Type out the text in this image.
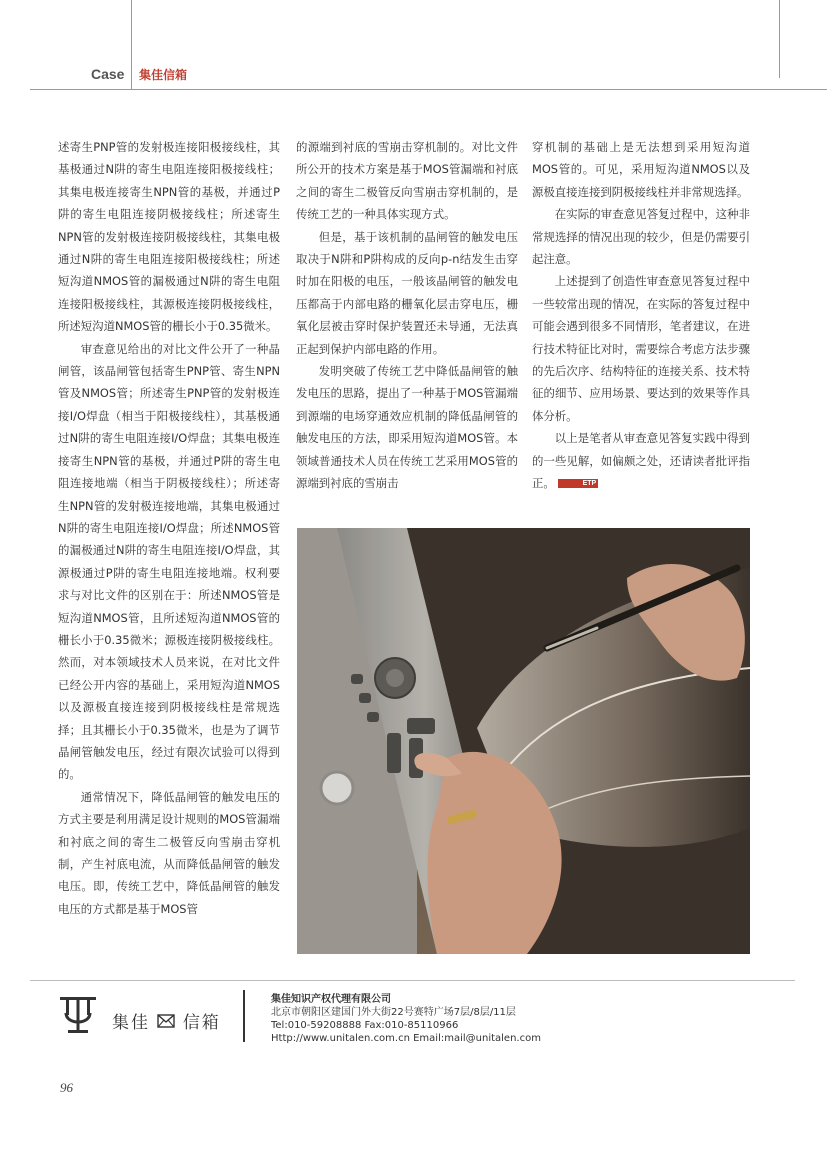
Case 集佳信箱

述寄生PNP管的发射极连接阳极接线柱，其基极通过N阱的寄生电阻连接阳极接线柱；其集电极连接寄生NPN管的基极，并通过P阱的寄生电阻连接阴极接线柱；所述寄生NPN管的发射极连接阴极接线柱，其集电极通过N阱的寄生电阻连接阳极接线柱；所述短沟道NMOS管的漏极通过N阱的寄生电阻连接阳极接线柱，其源极连接阴极接线柱，所述短沟道NMOS管的栅长小于0.35微米。

审查意见给出的对比文件公开了一种晶闸管，该晶闸管包括寄生PNP管、寄生NPN管及NMOS管；所述寄生PNP管的发射极连接I/O焊盘（相当于阳极接线柱），其基极通过N阱的寄生电阻连接I/O焊盘；其集电极连接寄生NPN管的基极，并通过P阱的寄生电阻连接地端（相当于阴极接线柱）；所述寄生NPN管的发射极连接地端，其集电极通过N阱的寄生电阻连接I/O焊盘；所述NMOS管的漏极通过N阱的寄生电阻连接I/O焊盘，其源极通过P阱的寄生电阻连接地端。权利要求与对比文件的区别在于：所述NMOS管是短沟道NMOS管，且所述短沟道NMOS管的栅长小于0.35微米；源极连接阴极接线柱。然而，对本领域技术人员来说，在对比文件已经公开内容的基础上，采用短沟道NMOS以及源极直接连接到阴极接线柱是常规选择；且其栅长小于0.35微米，也是为了调节晶闸管触发电压，经过有限次试验可以得到的。

通常情况下，降低晶闸管的触发电压的方式主要是利用满足设计规则的MOS管漏端和衬底之间的寄生二极管反向雪崩击穿机制，产生衬底电流，从而降低晶闸管的触发电压。即，传统工艺中，降低晶闸管的触发电压的方式都是基于MOS管

的源端到衬底的雪崩击穿机制的。对比文件所公开的技术方案是基于MOS管漏端和衬底之间的寄生二极管反向雪崩击穿机制的，是传统工艺的一种具体实现方式。

但是，基于该机制的晶闸管的触发电压取决于N阱和P阱构成的反向p-n结发生击穿时加在阳极的电压，一般该晶闸管的触发电压都高于内部电路的栅氧化层击穿电压，栅氧化层被击穿时保护装置还未导通，无法真正起到保护内部电路的作用。

发明突破了传统工艺中降低晶闸管的触发电压的思路，提出了一种基于MOS管漏端到源端的电场穿通效应机制的降低晶闸管的触发电压的方法，即采用短沟道MOS管。本领域普通技术人员在传统工艺采用MOS管的源端到衬底的雪崩击

穿机制的基础上是无法想到采用短沟道MOS管的。可见，采用短沟道NMOS以及源极直接连接到阴极接线柱并非常规选择。

在实际的审查意见答复过程中，这种非常规选择的情况出现的较少，但是仍需要引起注意。

上述提到了创造性审查意见答复过程中一些较常出现的情况，在实际的答复过程中可能会遇到很多不同情形，笔者建议，在进行技术特征比对时，需要综合考虑方法步骤的先后次序、结构特征的连接关系、技术特征的细节、应用场景、要达到的效果等作具体分析。

以上是笔者从审查意见答复实践中得到的一些见解，如偏颇之处，还请读者批评指正。	ETP

集佳 信箱
集佳知识产权代理有限公司
北京市朝阳区建国门外大街22号赛特广场7层/8层/11层
Tel:010-59208888 Fax:010-85110966
Http://www.unitalen.com.cn Email:mail@unitalen.com
96
